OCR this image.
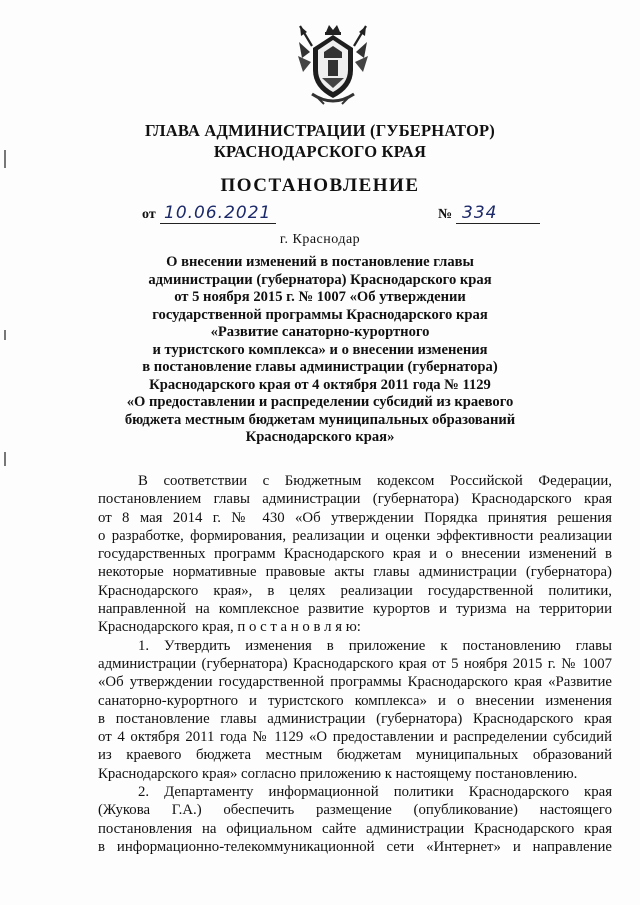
ГЛАВА АДМИНИСТРАЦИИ (ГУБЕРНАТОР)
КРАСНОДАРСКОГО КРАЯ
ПОСТАНОВЛЕНИЕ
от 10.06.2021	№ 334
г. Краснодар
О внесении изменений в постановление главы
администрации (губернатора) Краснодарского края
от 5 ноября 2015 г. № 1007 «Об утверждении
государственной программы Краснодарского края
«Развитие санаторно-курортного
и туристского комплекса» и о внесении изменения
в постановление главы администрации (губернатора)
Краснодарского края от 4 октября 2011 года № 1129
«О предоставлении и распределении субсидий из краевого
бюджета местным бюджетам муниципальных образований
Краснодарского края»
В соответствии с Бюджетным кодексом Российской Федерации,
постановлением главы администрации (губернатора) Краснодарского края
от 8 мая 2014 г. № 430 «Об утверждении Порядка принятия решения
о разработке, формирования, реализации и оценки эффективности реализации
государственных программ Краснодарского края и о внесении изменений в
некоторые нормативные правовые акты главы администрации (губернатора)
Краснодарского края», в целях реализации государственной политики,
направленной на комплексное развитие курортов и туризма на территории
Краснодарского края, п о с т а н о в л я ю:
1. Утвердить изменения в приложение к постановлению главы
администрации (губернатора) Краснодарского края от 5 ноября 2015 г. № 1007
«Об утверждении государственной программы Краснодарского края «Развитие
санаторно-курортного и туристского комплекса» и о внесении изменения
в постановление главы администрации (губернатора) Краснодарского края
от 4 октября 2011 года № 1129 «О предоставлении и распределении субсидий
из краевого бюджета местным бюджетам муниципальных образований
Краснодарского края» согласно приложению к настоящему постановлению.
2. Департаменту информационной политики Краснодарского края
(Жукова Г.А.) обеспечить размещение (опубликование) настоящего
постановления на официальном сайте администрации Краснодарского края
в информационно-телекоммуникационной сети «Интернет» и направление
